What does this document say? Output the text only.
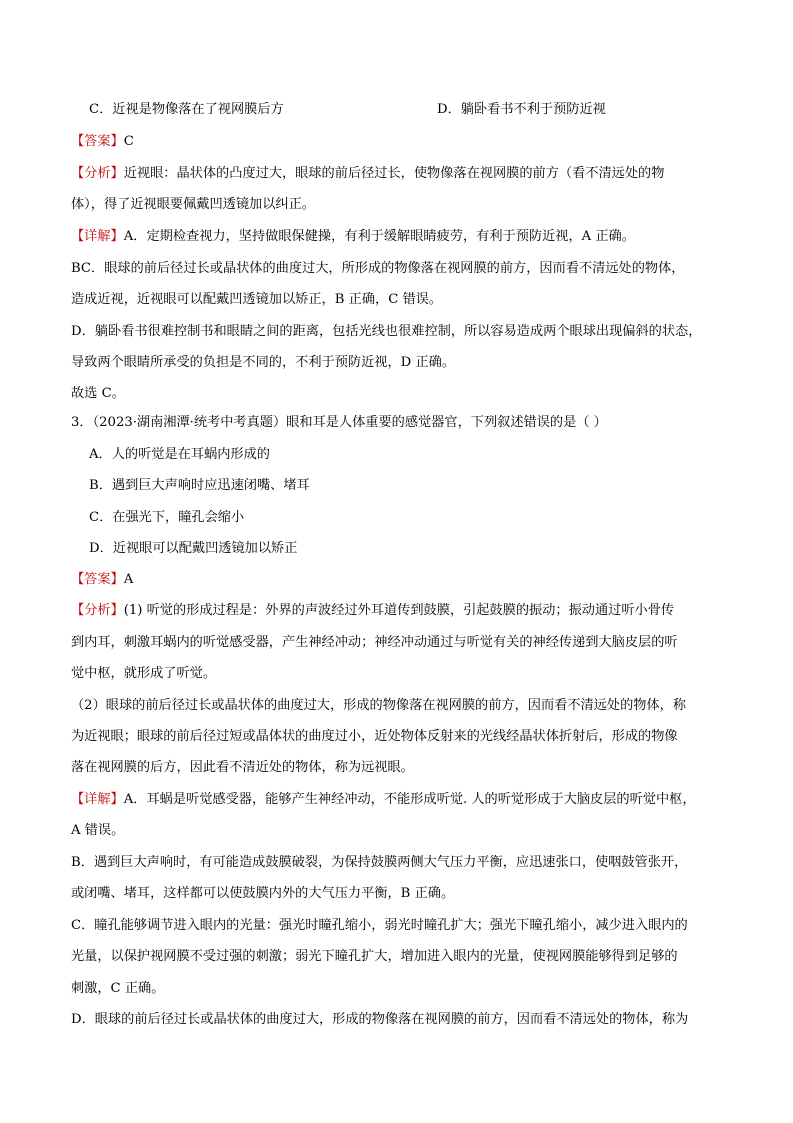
C．近视是物像落在了视网膜后方	D．躺卧看书不利于预防近视
【答案】C
【分析】近视眼：晶状体的凸度过大，眼球的前后径过长，使物像落在视网膜的前方（看不清远处的物
体），得了近视眼要佩戴凹透镜加以纠正。
【详解】A．定期检查视力，坚持做眼保健操，有利于缓解眼睛疲劳，有利于预防近视，A 正确。
BC．眼球的前后径过长或晶状体的曲度过大，所形成的物像落在视网膜的前方，因而看不清远处的物体，
造成近视，近视眼可以配戴凹透镜加以矫正，B 正确，C 错误。
D．躺卧看书很难控制书和眼睛之间的距离，包括光线也很难控制，所以容易造成两个眼球出现偏斜的状态，
导致两个眼睛所承受的负担是不同的，不利于预防近视，D 正确。
故选 C。
3．（2023·湖南湘潭·统考中考真题）眼和耳是人体重要的感觉器官，下列叙述错误的是（ ）
A．人的听觉是在耳蜗内形成的
B．遇到巨大声响时应迅速闭嘴、堵耳
C．在强光下，瞳孔会缩小
D．近视眼可以配戴凹透镜加以矫正
【答案】A
【分析】(1) 听觉的形成过程是：外界的声波经过外耳道传到鼓膜，引起鼓膜的振动；振动通过听小骨传
到内耳，刺激耳蜗内的听觉感受器，产生神经冲动；神经冲动通过与听觉有关的神经传递到大脑皮层的听
觉中枢，就形成了听觉。
（2）眼球的前后径过长或晶状体的曲度过大，形成的物像落在视网膜的前方，因而看不清远处的物体，称
为近视眼；眼球的前后径过短或晶体状的曲度过小，近处物体反射来的光线经晶状体折射后，形成的物像
落在视网膜的后方，因此看不清近处的物体，称为远视眼。
【详解】A．耳蜗是听觉感受器，能够产生神经冲动，不能形成听觉. 人的听觉形成于大脑皮层的听觉中枢，
A 错误。
B．遇到巨大声响时，有可能造成鼓膜破裂，为保持鼓膜两侧大气压力平衡，应迅速张口，使咽鼓管张开，
或闭嘴、堵耳，这样都可以使鼓膜内外的大气压力平衡，B 正确。
C．瞳孔能够调节进入眼内的光量：强光时瞳孔缩小，弱光时瞳孔扩大；强光下瞳孔缩小，减少进入眼内的
光量，以保护视网膜不受过强的刺激；弱光下瞳孔扩大，增加进入眼内的光量，使视网膜能够得到足够的
刺激，C 正确。
D．眼球的前后径过长或晶状体的曲度过大，形成的物像落在视网膜的前方，因而看不清远处的物体，称为
